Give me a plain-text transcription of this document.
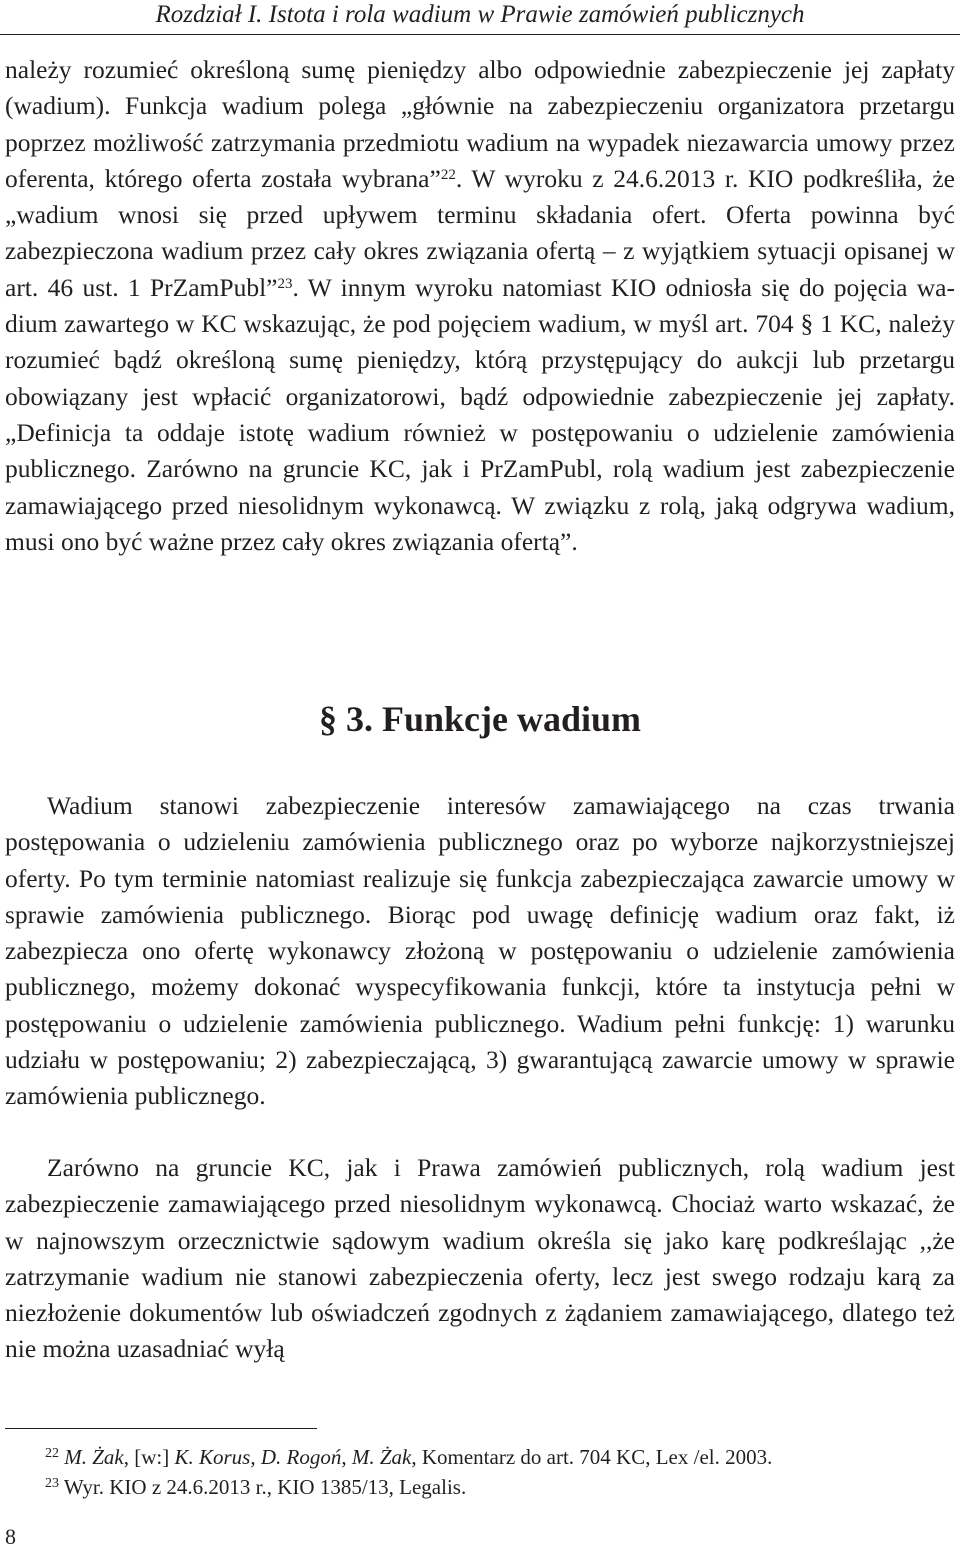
Rozdział I. Istota i rola wadium w Prawie zamówień publicznych

należy rozumieć określoną sumę pieniędzy albo odpowiednie zabezpieczenie jej zapłaty (wadium). Funkcja wadium polega „głównie na zabezpieczeniu organizatora przetargu poprzez możliwość zatrzymania przedmiotu wadium na wypadek niezawarcia umowy przez oferenta, którego oferta została wybrana”$^{22}$. W wyroku z 24.6.2013 r. KIO podkreśliła, że „wadium wnosi się przed upływem terminu składania ofert. Oferta powinna być zabezpieczona wadium przez cały okres związania ofertą – z wyjątkiem sytuacji opisanej w art. 46 ust. 1 PrZamPubl”$^{23}$. W innym wyroku natomiast KIO odniosła się do pojęcia wadium zawartego w KC wskazując, że pod pojęciem wadium, w myśl art. 704 § 1 KC, należy rozumieć bądź określoną sumę pieniędzy, którą przystępujący do aukcji lub przetargu obowiązany jest wpłacić organizatorowi, bądź odpowiednie zabezpieczenie jej zapłaty. „Definicja ta oddaje istotę wadium również w postępowaniu o udzielenie zamówienia publicznego. Zarówno na gruncie KC, jak i PrZamPubl, rolą wadium jest zabezpieczenie zamawiającego przed niesolidnym wykonawcą. W związku z rolą, jaką odgrywa wadium, musi ono być ważne przez cały okres związania ofertą”.

§ 3. Funkcje wadium

Wadium stanowi zabezpieczenie interesów zamawiającego na czas trwania postępowania o udzieleniu zamówienia publicznego oraz po wyborze najkorzystniejszej oferty. Po tym terminie natomiast realizuje się funkcja zabezpieczająca zawarcie umowy w sprawie zamówienia publicznego. Biorąc pod uwagę definicję wadium oraz fakt, iż zabezpiecza ono ofertę wykonawcy złożoną w postępowaniu o udzielenie zamówienia publicznego, możemy dokonać wyspecyfikowania funkcji, które ta instytucja pełni w postępowaniu o udzielenie zamówienia publicznego. Wadium pełni funkcję: 1) warunku udziału w postępowaniu; 2) zabezpieczającą, 3) gwarantującą zawarcie umowy w sprawie zamówienia publicznego.

Zarówno na gruncie KC, jak i Prawa zamówień publicznych, rolą wadium jest zabezpieczenie zamawiającego przed niesolidnym wykonawcą. Chociaż warto wskazać, że w najnowszym orzecznictwie sądowym wadium określa się jako karę podkreślając ,,że zatrzymanie wadium nie stanowi zabezpieczenia oferty, lecz jest swego rodzaju karą za niezłożenie dokumentów lub oświadczeń zgodnych z żądaniem zamawiającego, dlatego też nie można uzasadniać wyłą

$^{22}$ M. Żak, [w:] K. Korus, D. Rogoń, M. Żak, Komentarz do art. 704 KC, Lex /el. 2003.
$^{23}$ Wyr. KIO z 24.6.2013 r., KIO 1385/13, Legalis.
8
